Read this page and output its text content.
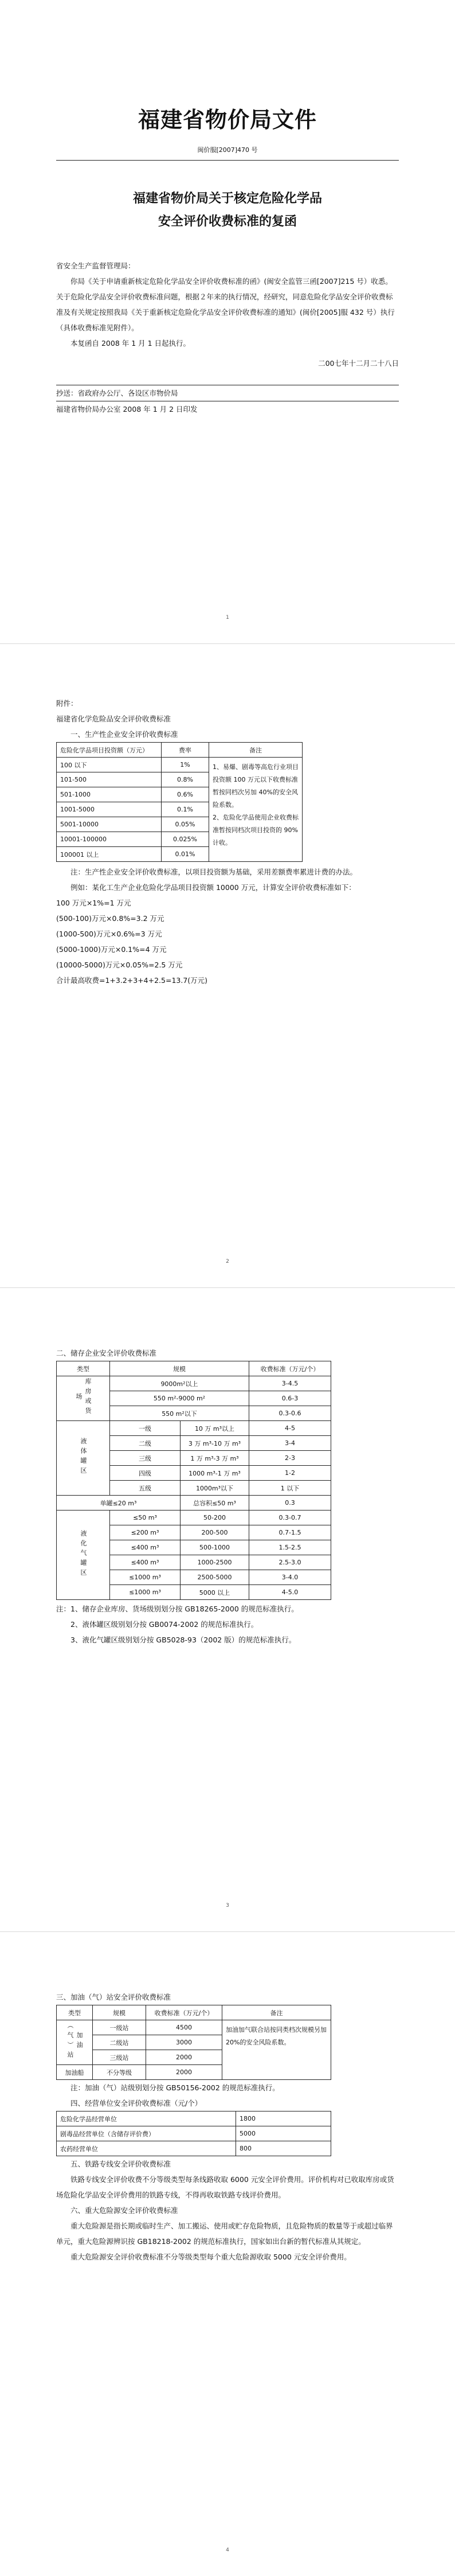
福建省物价局文件
闽价服[2007]470 号
福建省物价局关于核定危险化学品
安全评价收费标准的复函

省安全生产监督管理局：

你局《关于申请重新核定危险化学品安全评价收费标准的函》(闽安全监管三函[2007]215 号）收悉。关于危险化学品安全评价收费标准问题，根据２年来的执行情况，经研究，同意危险化学品安全评价收费标准及有关规定按照我局《关于重新核定危险化学品安全评价收费标准的通知》(闽价[2005]服 432 号）执行（具体收费标准见附件）。

本复函自 2008 年 1 月 1 日起执行。

二00七年十二月二十八日

抄送：省政府办公厅、各设区市物价局

福建省物价局办公室 2008 年 1 月 2 日印发

1

附件：

福建省化学危险品安全评价收费标准

一、生产性企业安全评价收费标准

危险化学品项目投资额（万元）	费率	备注
100 以下	1%	1、易爆、剧毒等高危行业项目投资额 100 万元以下收费标准暂按同档次另加 40%的安全风险系数。
2、危险化学品使用企业收费标准暂按同档次项目投资的 90%计收。

101-500	0.8%	
501-1000	0.6%	
1001-5000	0.1%	
5001-10000	0.05%	
10001-100000	0.025%	
100001 以上	0.01%	

注：生产性企业安全评价收费标准，以项目投资额为基础，采用差额费率累进计费的办法。

例如：某化工生产企业危险化学品项目投资额 10000 万元，计算安全评价收费标准如下：

100 万元×1%=1 万元

(500-100)万元×0.8%=3.2 万元

(1000-500)万元×0.6%=3 万元

(5000-1000)万元×0.1%=4 万元

(10000-5000)万元×0.05%=2.5 万元

合计最高收费=1+3.2+3+4+2.5=13.7(万元)

2

二、储存企业安全评价收费标准

类型	规模		收费标准（万元/个）
库房或货场	9000m²以上		3-4.5
	550 m²-9000 m²		0.6-3
	550 m²以下		0.3-0.6
液体罐区	一级	10 万 m³以上	4-5
	二级	3 万 m³-10 万 m³	3-4
	三级	1 万 m³-3 万 m³	2-3
	四级	1000 m³-1 万 m³	1-2
	五级	1000m³以下	1 以下
单罐≤20 m³		总容积≤50 m³	0.3
液化气罐区	≤50 m³	50-200	0.3-0.7
	≤200 m³	200-500	0.7-1.5
	≤400 m³	500-1000	1.5-2.5
	≤400 m³	1000-2500	2.5-3.0
	≤1000 m³	2500-5000	3-4.0
	≤1000 m³	5000 以上	4-5.0

注：1、储存企业库房、货场级别划分按 GB18265-2000 的规范标准执行。

2、液体罐区级别划分按 GB0074-2002 的规范标准执行。

3、液化气罐区级别划分按 GB5028-93（2002 版）的规范标准执行。

3

三、加油（气）站安全评价收费标准

类型	规模	收费标准（万元/个）	备注
加油（气）站	一级站	4500	加油加气联合站按同类档次规模另加 20%的安全风险系数。
	二级站	3000	
	三级站	2000	
加油船	不分等级	2000	

注：加油（气）站级别划分按 GB50156-2002 的规范标准执行。

四、经营单位安全评价收费标准（元/个）

危险化学品经营单位	1800
剧毒品经营单位（含储存评价费）	5000
农药经营单位	800

五、铁路专线安全评价收费标准

铁路专线安全评价收费不分等级类型每条线路收取 6000 元安全评价费用。评价机构对已收取库房或货场危险化学品安全评价费用的铁路专线，不得再收取铁路专线评价费用。

六、重大危险源安全评价收费标准

重大危险源是指长期或临时生产、加工搬运、使用或贮存危险物质，且危险物质的数量等于或超过临界单元，重大危险源辨识按 GB18218-2002 的规范标准执行，国家如出台新的暂代标准从其规定。

重大危险源安全评价收费标准不分等级类型每个重大危险源收取 5000 元安全评价费用。

4
